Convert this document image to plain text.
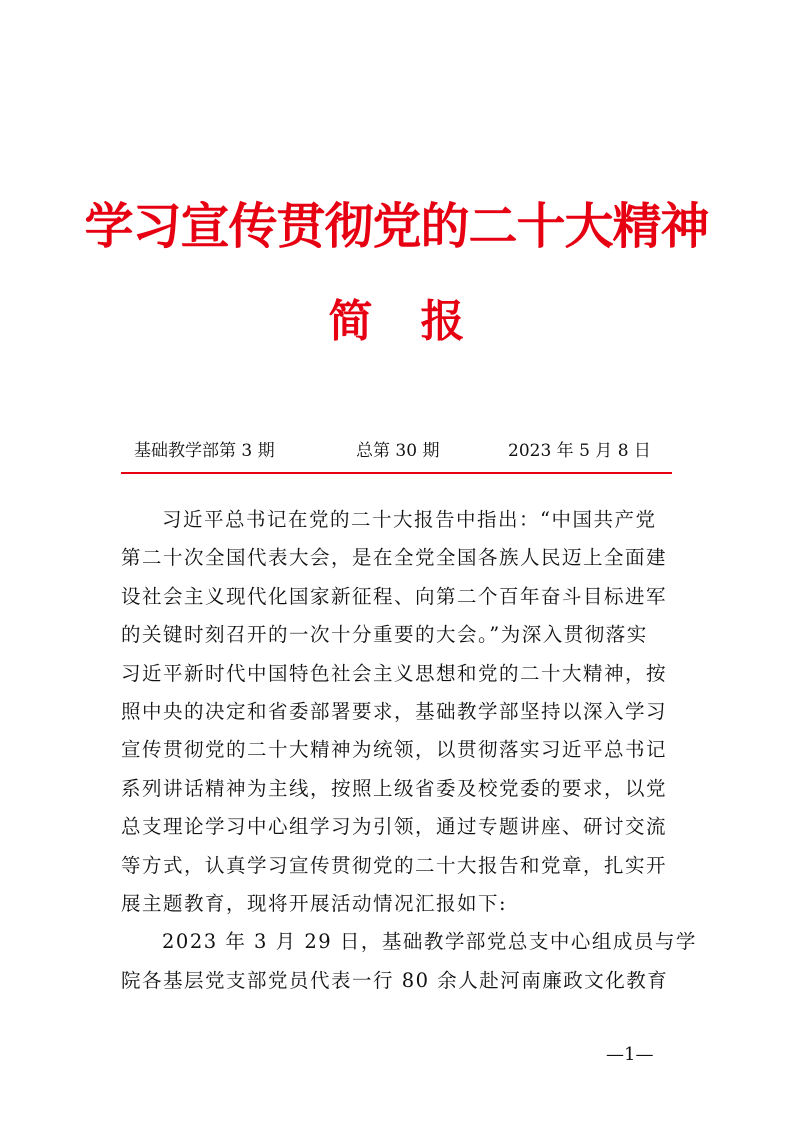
学习宣传贯彻党的二十大精神
简 报
基础教学部第 3 期	总第 30 期	2023 年 5 月 8 日
习近平总书记在党的二十大报告中指出：“中国共产党
第二十次全国代表大会，是在全党全国各族人民迈上全面建
设社会主义现代化国家新征程、向第二个百年奋斗目标进军
的关键时刻召开的一次十分重要的大会。”为深入贯彻落实
习近平新时代中国特色社会主义思想和党的二十大精神，按
照中央的决定和省委部署要求，基础教学部坚持以深入学习
宣传贯彻党的二十大精神为统领，以贯彻落实习近平总书记
系列讲话精神为主线，按照上级省委及校党委的要求，以党
总支理论学习中心组学习为引领，通过专题讲座、研讨交流
等方式，认真学习宣传贯彻党的二十大报告和党章，扎实开
展主题教育，现将开展活动情况汇报如下:
2023 年 3 月 29 日，基础教学部党总支中心组成员与学
院各基层党支部党员代表一行 80 余人赴河南廉政文化教育
—1—
